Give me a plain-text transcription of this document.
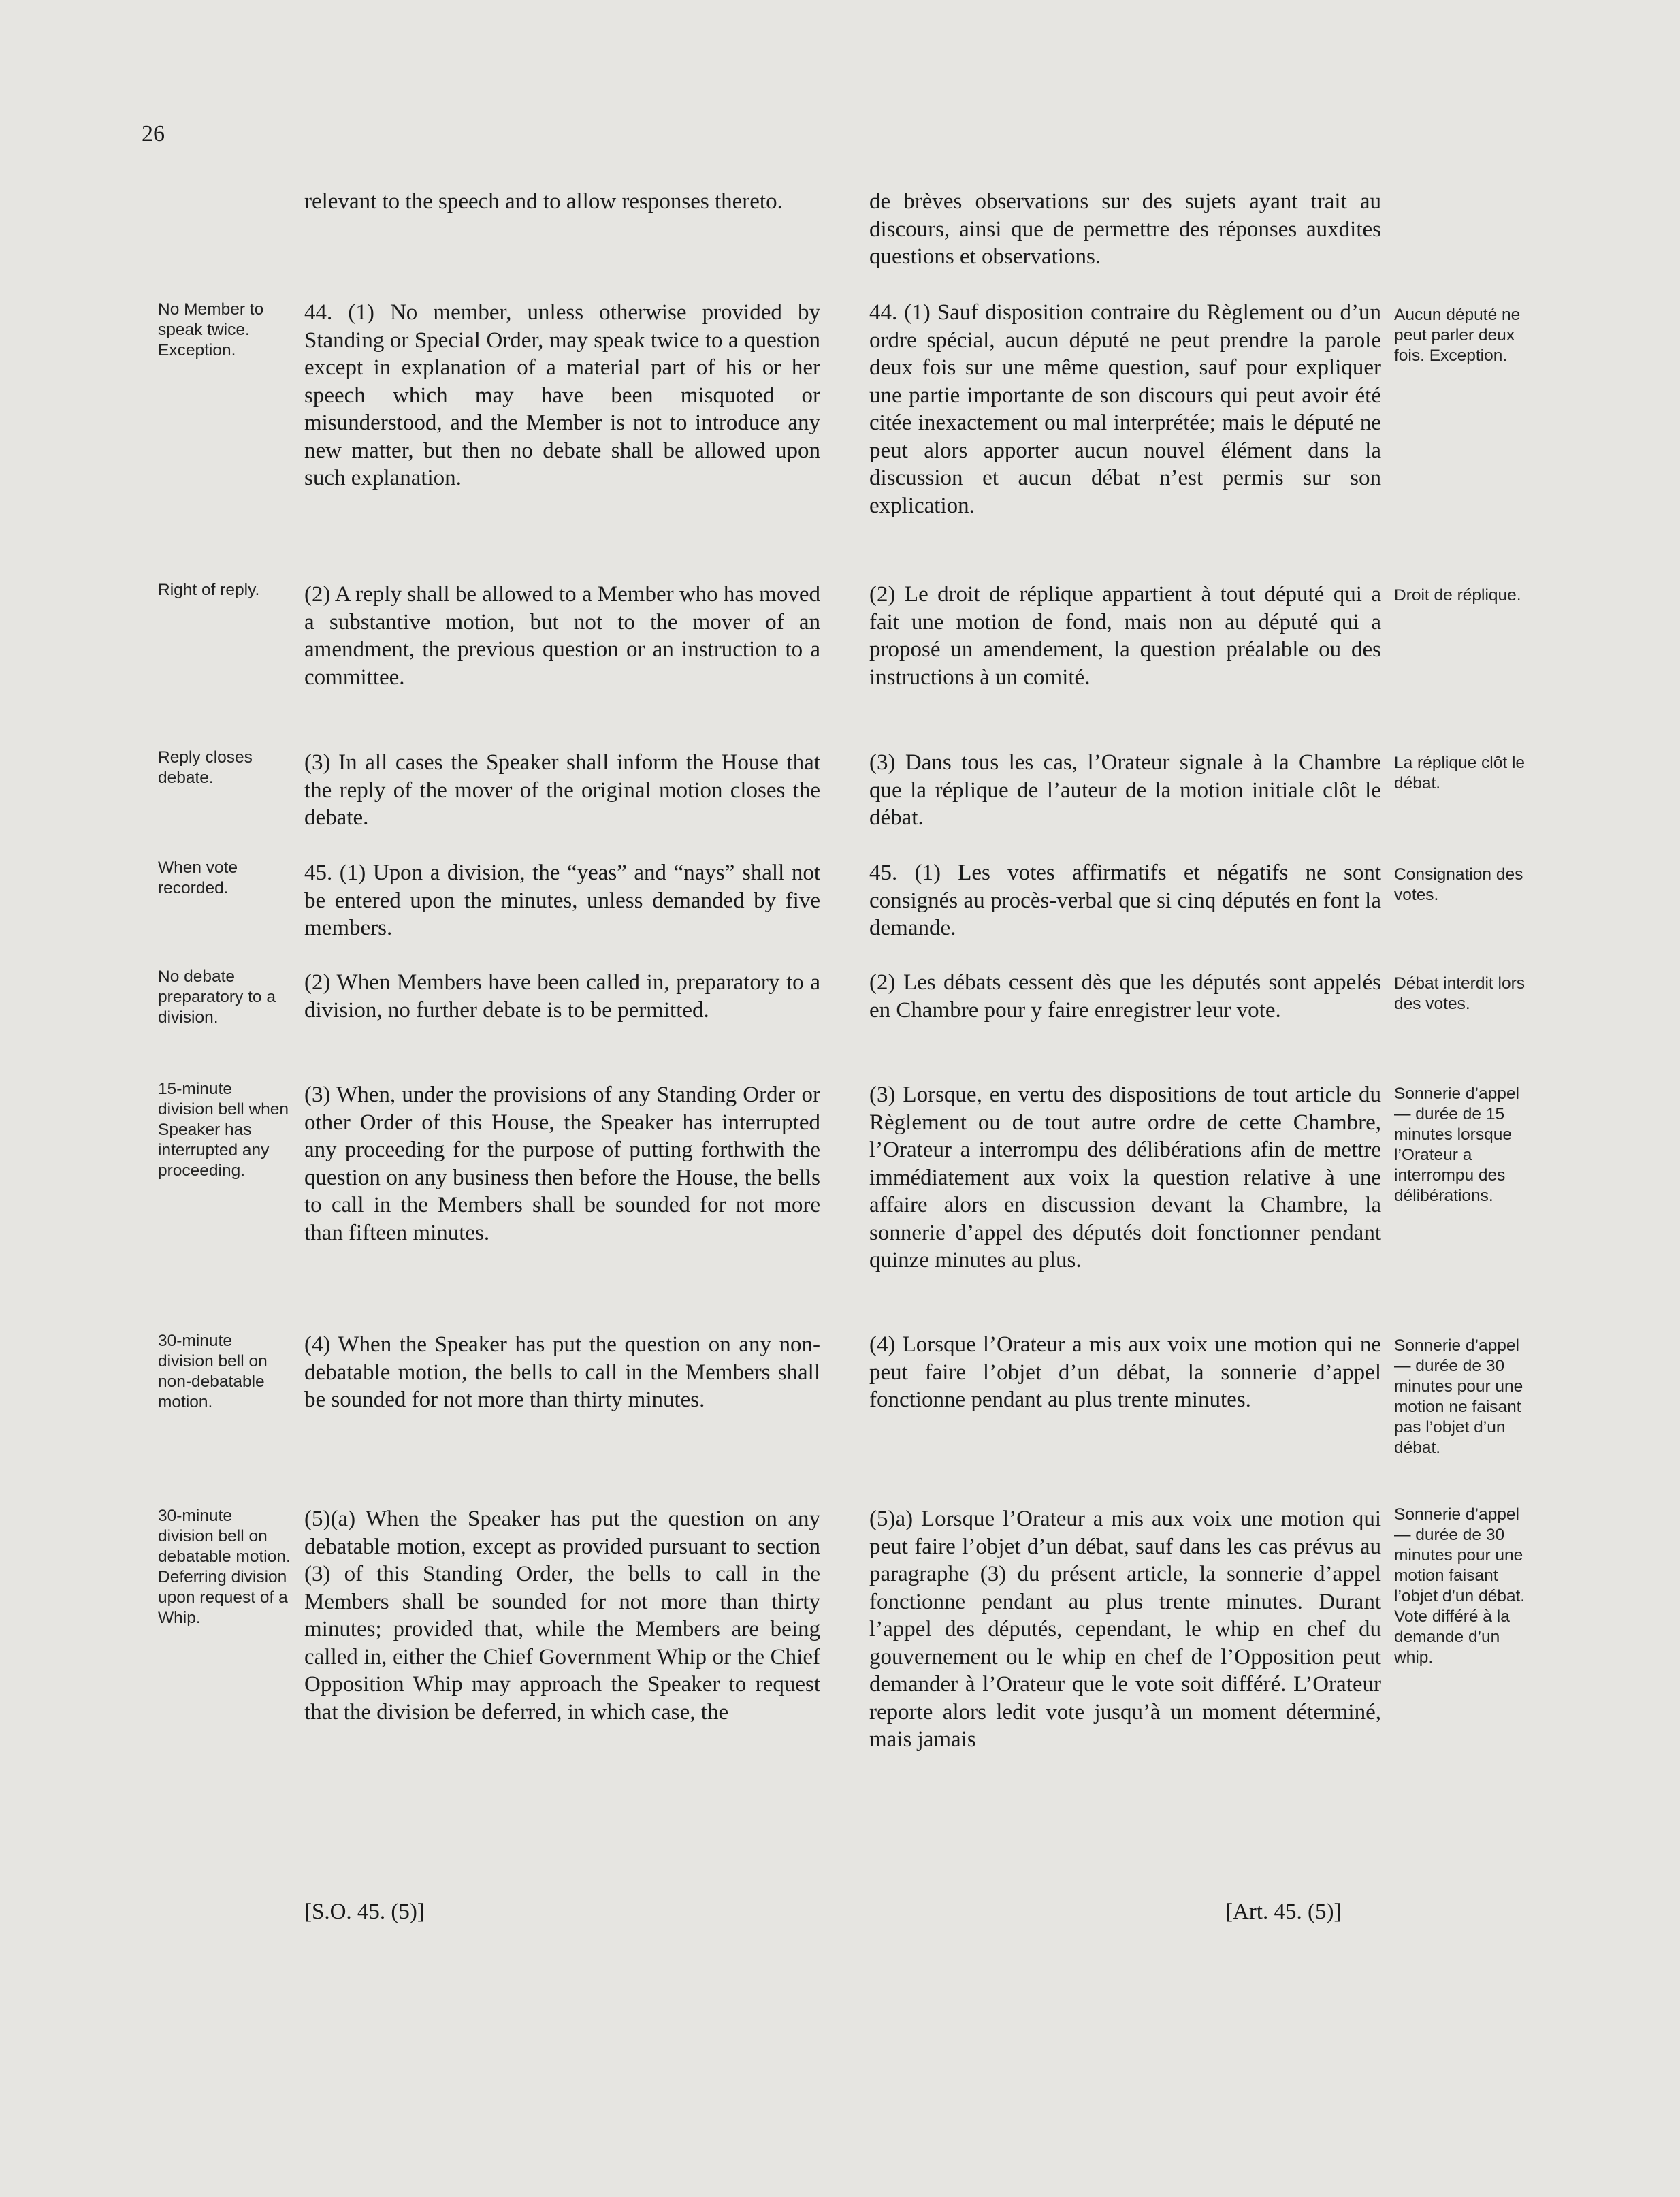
26
relevant to the speech and to allow responses thereto.
44. (1) No member, unless otherwise provided by Standing or Special Order, may speak twice to a question except in explanation of a material part of his or her speech which may have been misquoted or misunderstood, and the Member is not to introduce any new matter, but then no debate shall be allowed upon such explanation.
(2) A reply shall be allowed to a Member who has moved a substantive motion, but not to the mover of an amendment, the previous question or an instruction to a committee.
(3) In all cases the Speaker shall inform the House that the reply of the mover of the original motion closes the debate.
45. (1) Upon a division, the “yeas” and “nays” shall not be entered upon the minutes, unless demanded by five members.
(2) When Members have been called in, preparatory to a division, no further debate is to be permitted.
(3) When, under the provisions of any Standing Order or other Order of this House, the Speaker has interrupted any proceeding for the purpose of putting forthwith the question on any business then before the House, the bells to call in the Members shall be sounded for not more than fifteen minutes.
(4) When the Speaker has put the question on any non-debatable motion, the bells to call in the Members shall be sounded for not more than thirty minutes.
(5)(a) When the Speaker has put the question on any debatable motion, except as provided pursuant to section (3) of this Standing Order, the bells to call in the Members shall be sounded for not more than thirty minutes; provided that, while the Members are being called in, either the Chief Government Whip or the Chief Opposition Whip may approach the Speaker to request that the division be deferred, in which case, the
No Member to speak twice. Exception.
Right of reply.
Reply closes debate.
When vote recorded.
No debate preparatory to a division.
15-minute division bell when Speaker has interrupted any proceeding.
30-minute division bell on non-debatable motion.
30-minute division bell on debatable motion. Deferring division upon request of a Whip.
de brèves observations sur des sujets ayant trait au discours, ainsi que de permettre des réponses auxdites questions et observations.
44. (1) Sauf disposition contraire du Règlement ou d’un ordre spécial, aucun député ne peut prendre la parole deux fois sur une même question, sauf pour expliquer une partie importante de son discours qui peut avoir été citée inexactement ou mal interprétée; mais le député ne peut alors apporter aucun nouvel élément dans la discussion et aucun débat n’est permis sur son explication.
(2) Le droit de réplique appartient à tout député qui a fait une motion de fond, mais non au député qui a proposé un amendement, la question préalable ou des instructions à un comité.
(3) Dans tous les cas, l’Orateur signale à la Chambre que la réplique de l’auteur de la motion initiale clôt le débat.
45. (1) Les votes affirmatifs et négatifs ne sont consignés au procès-verbal que si cinq députés en font la demande.
(2) Les débats cessent dès que les députés sont appelés en Chambre pour y faire enregistrer leur vote.
(3) Lorsque, en vertu des dispositions de tout article du Règlement ou de tout autre ordre de cette Chambre, l’Orateur a interrompu des délibérations afin de mettre immédiatement aux voix la question relative à une affaire alors en discussion devant la Chambre, la sonnerie d’appel des députés doit fonctionner pendant quinze minutes au plus.
(4) Lorsque l’Orateur a mis aux voix une motion qui ne peut faire l’objet d’un débat, la sonnerie d’appel fonctionne pendant au plus trente minutes.
(5)a) Lorsque l’Orateur a mis aux voix une motion qui peut faire l’objet d’un débat, sauf dans les cas prévus au paragraphe (3) du présent article, la sonnerie d’appel fonctionne pendant au plus trente minutes. Durant l’appel des députés, cependant, le whip en chef du gouvernement ou le whip en chef de l’Opposition peut demander à l’Orateur que le vote soit différé. L’Orateur reporte alors ledit vote jusqu’à un moment déterminé, mais jamais
Aucun député ne peut parler deux fois. Exception.
Droit de réplique.
La réplique clôt le débat.
Consignation des votes.
Débat interdit lors des votes.
Sonnerie d’appel — durée de 15 minutes lorsque l’Orateur a interrompu des délibérations.
Sonnerie d’appel — durée de 30 minutes pour une motion ne faisant pas l’objet d’un débat.
Sonnerie d’appel — durée de 30 minutes pour une motion faisant l’objet d’un débat. Vote différé à la demande d’un whip.
[S.O. 45. (5)]	[Art. 45. (5)]
